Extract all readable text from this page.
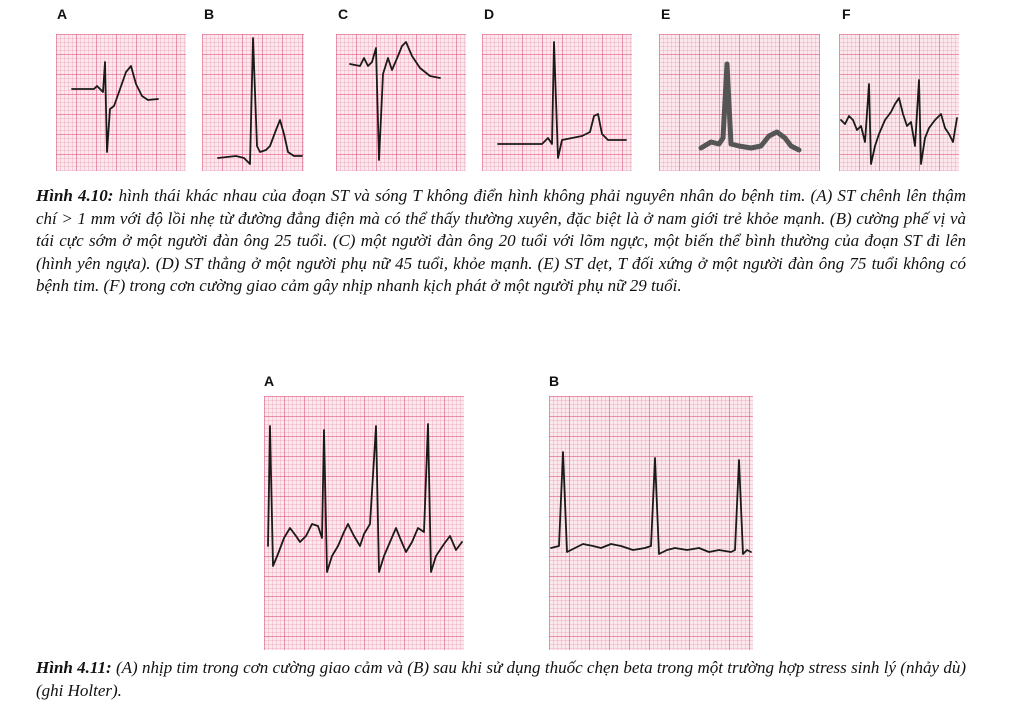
A	B	C	D	E	F

Hình 4.10: hình thái khác nhau của đoạn ST và sóng T không điển hình không phải nguyên nhân do bệnh tim. (A) ST chênh lên thậm chí > 1 mm với độ lồi nhẹ từ đường đẳng điện mà có thể thấy thường xuyên, đặc biệt là ở nam giới trẻ khỏe mạnh. (B) cường phế vị và tái cực sớm ở một người đàn ông 25 tuổi. (C) một người đàn ông 20 tuổi với lõm ngực, một biến thể bình thường của đoạn ST đi lên (hình yên ngựa). (D) ST thẳng ở một người phụ nữ 45 tuổi, khỏe mạnh. (E) ST dẹt, T đối xứng ở một người đàn ông 75 tuổi không có bệnh tim. (F) trong cơn cường giao cảm gây nhịp nhanh kịch phát ở một người phụ nữ 29 tuổi.

A	B

Hình 4.11: (A) nhịp tim trong cơn cường giao cảm và (B) sau khi sử dụng thuốc chẹn beta trong một trường hợp stress sinh lý (nhảy dù) (ghi Holter).
